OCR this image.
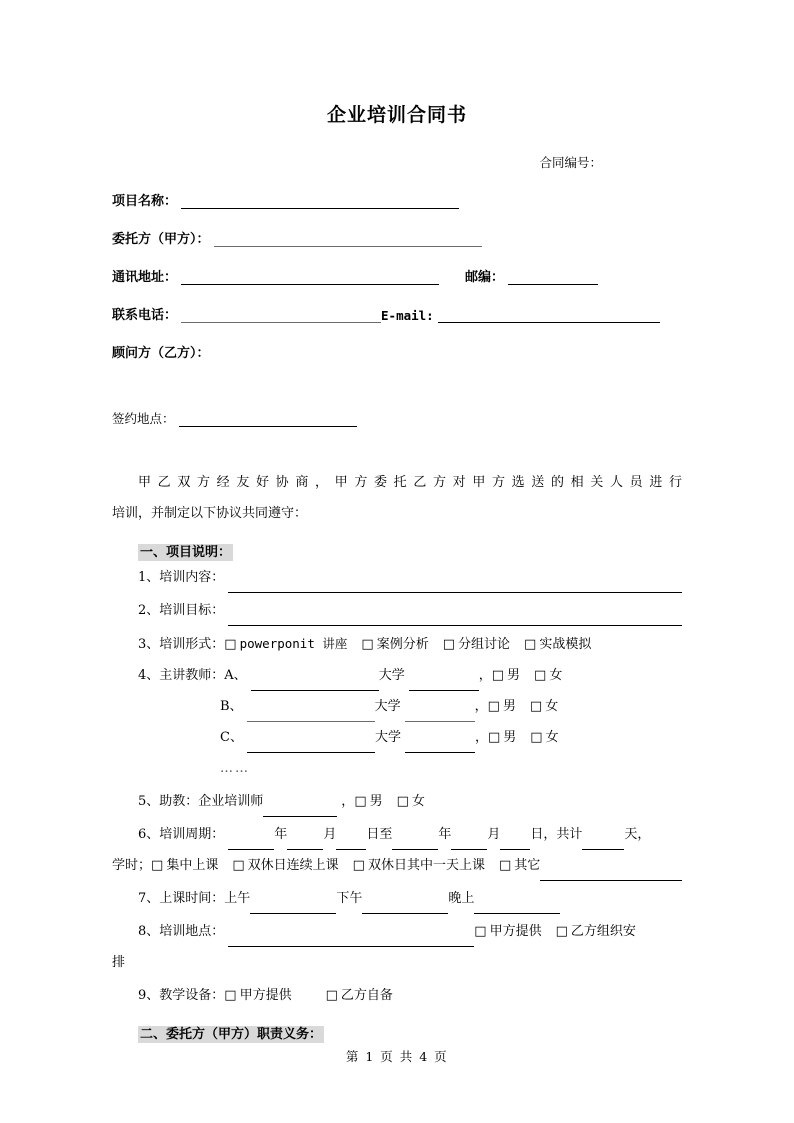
企业培训合同书
合同编号：
项目名称：
委托方（甲方）：
通讯地址：	邮编：
联系电话：	E-mail:
顾问方（乙方）：
签约地点：

甲乙双方经友好协商，甲方委托乙方对甲方选送的相关人员进行

培训，并制定以下协议共同遵守：

一、项目说明：
1、 培训内容：
2、 培训目标：
3、 培训形式： □ powerponit 讲座 □ 案例分析 □ 分组讨论 □ 实战模拟
4、 主讲教师： A、	大学	， □ 男 □ 女
B、	大学	， □ 男 □ 女
C、	大学	， □ 男 □ 女
……
5、 助教：企业培训师	， □ 男 □ 女
6、 培训周期：	年	月 日至	年	月 日，共计	天，
学时； □ 集中上课 □ 双休日连续上课 □ 双休日其中一天上课 □ 其它
7、 上课时间： 上午	下午	晚上
8、 培训地点：	□ 甲方提供 □ 乙方组织安
排
9、 教学设备： □ 甲方提供	□ 乙方自备
二、委托方（甲方）职责义务：
第 1 页 共 4 页
